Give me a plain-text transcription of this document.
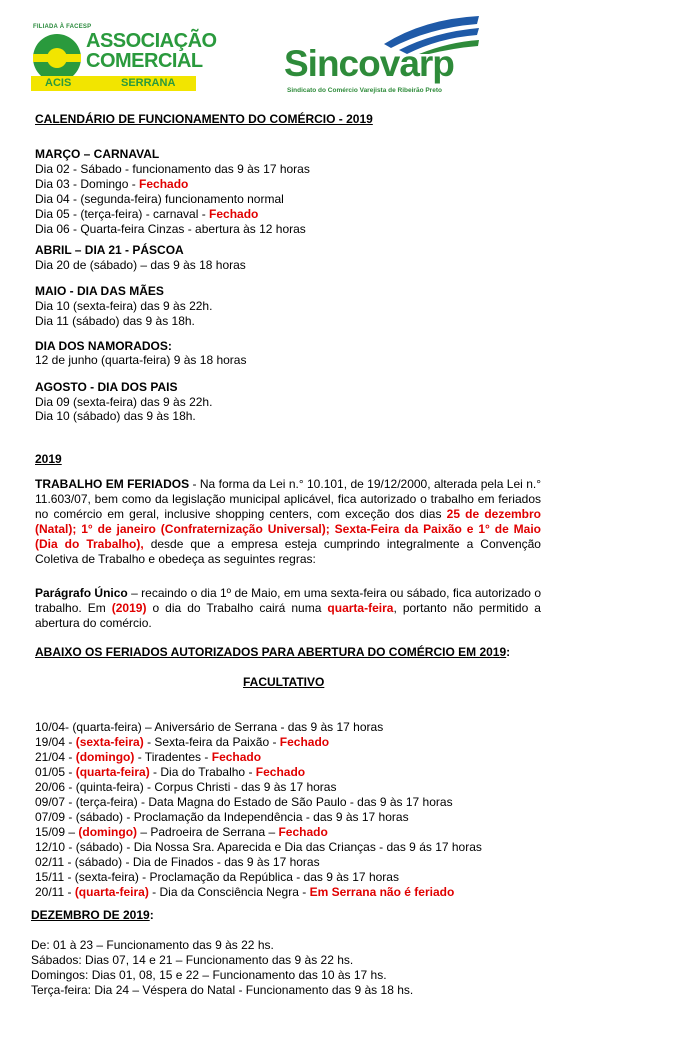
FILIADA À FACESP
ASSOCIAÇÃO
COMERCIAL
ACIS	SERRANA	Sincovarp
Sindicato do Comércio Varejista de Ribeirão Preto
CALENDÁRIO DE FUNCIONAMENTO DO COMÉRCIO - 2019
MARÇO – CARNAVAL
Dia 02 - Sábado - funcionamento das 9 às 17 horas
Dia 03 - Domingo - Fechado
Dia 04 - (segunda-feira) funcionamento normal
Dia 05 - (terça-feira) - carnaval - Fechado
Dia 06 - Quarta-feira Cinzas - abertura às 12 horas
ABRIL – DIA 21 - PÁSCOA
Dia 20 de (sábado) – das 9 às 18 horas
MAIO - DIA DAS MÃES
Dia 10 (sexta-feira) das 9 às 22h.
Dia 11 (sábado) das 9 às 18h.
DIA DOS NAMORADOS:
12 de junho (quarta-feira) 9 às 18 horas
AGOSTO - DIA DOS PAIS
Dia 09 (sexta-feira) das 9 às 22h.
Dia 10 (sábado) das 9 às 18h.
2019
TRABALHO EM FERIADOS - Na forma da Lei n.° 10.101, de 19/12/2000, alterada pela Lei n.° 11.603/07, bem como da legislação municipal aplicável, fica autorizado o trabalho em feriados no comércio em geral, inclusive shopping centers, com exceção dos dias 25 de dezembro (Natal); 1° de janeiro (Confraternização Universal); Sexta-Feira da Paixão e 1° de Maio (Dia do Trabalho), desde que a empresa esteja cumprindo integralmente a Convenção Coletiva de Trabalho e obedeça as seguintes regras:
Parágrafo Único – recaindo o dia 1º de Maio, em uma sexta-feira ou sábado, fica autorizado o trabalho. Em (2019) o dia do Trabalho cairá numa quarta-feira, portanto não permitido a abertura do comércio.
ABAIXO OS FERIADOS AUTORIZADOS PARA ABERTURA DO COMÉRCIO EM 2019:
FACULTATIVO
10/04- (quarta-feira) – Aniversário de Serrana - das 9 às 17 horas
19/04 - (sexta-feira) - Sexta-feira da Paixão - Fechado
21/04 - (domingo) - Tiradentes - Fechado
01/05 - (quarta-feira) - Dia do Trabalho - Fechado
20/06 - (quinta-feira) - Corpus Christi - das 9 às 17 horas
09/07 - (terça-feira) - Data Magna do Estado de São Paulo - das 9 às 17 horas
07/09 - (sábado) - Proclamação da Independência - das 9 às 17 horas
15/09 – (domingo) – Padroeira de Serrana – Fechado
12/10 - (sábado) - Dia Nossa Sra. Aparecida e Dia das Crianças - das 9 ás 17 horas
02/11 - (sábado) - Dia de Finados - das 9 às 17 horas
15/11 - (sexta-feira) - Proclamação da República - das 9 às 17 horas
20/11 - (quarta-feira) - Dia da Consciência Negra - Em Serrana não é feriado
DEZEMBRO DE 2019:
De: 01 à 23 – Funcionamento das 9 às 22 hs.
Sábados: Dias 07, 14 e 21 – Funcionamento das 9 às 22 hs.
Domingos: Dias 01, 08, 15 e 22 – Funcionamento das 10 às 17 hs.
Terça-feira: Dia 24 – Véspera do Natal - Funcionamento das 9 às 18 hs.
